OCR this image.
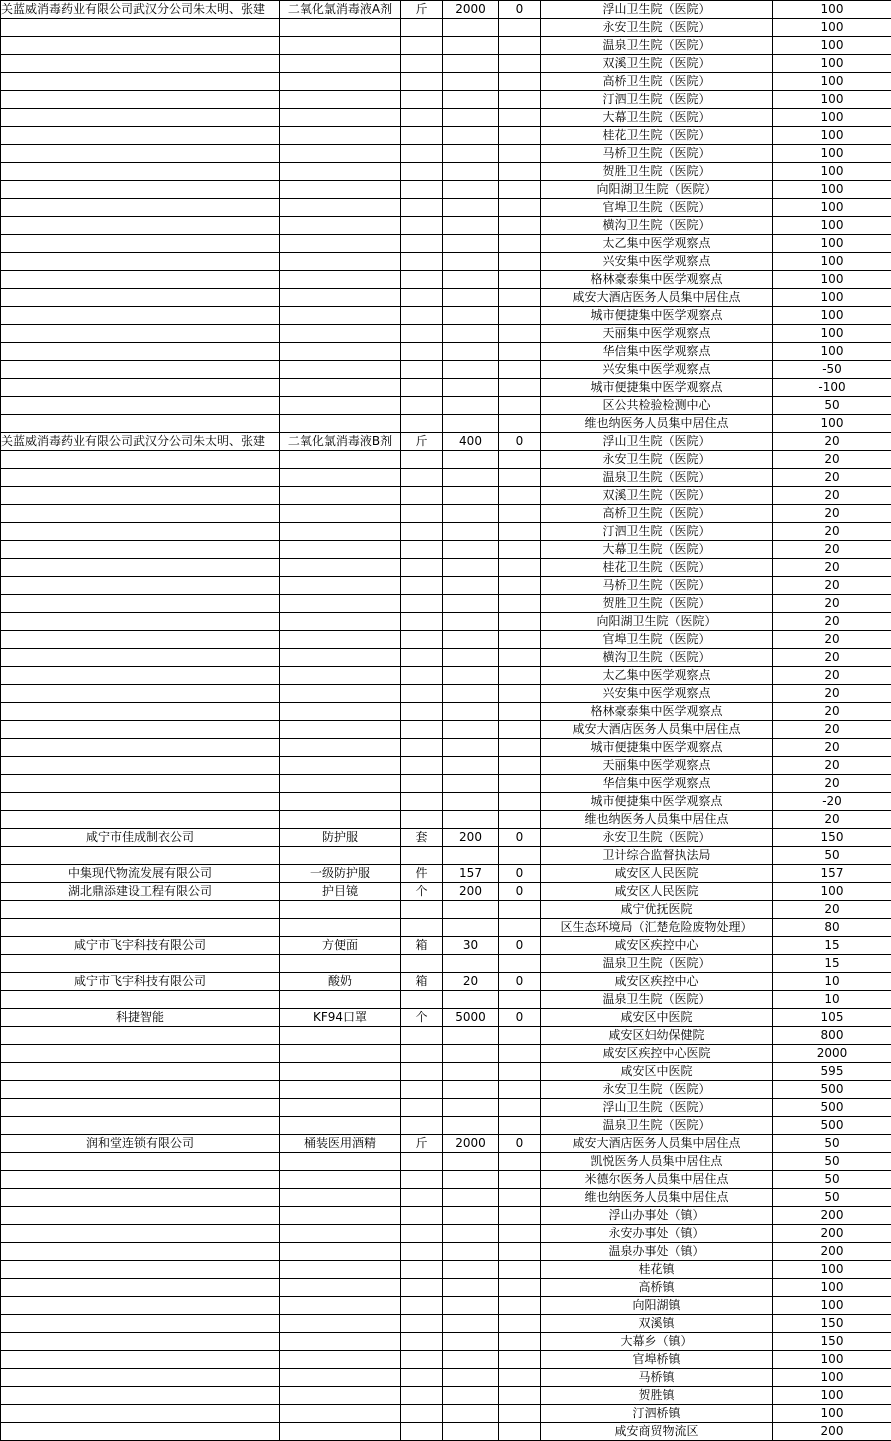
关蓝威消毒药业有限公司武汉分公司朱太明、张建	二氧化氯消毒液A剂	斤	2000	0	浮山卫生院（医院）	100
					永安卫生院（医院）	100
					温泉卫生院（医院）	100
					双溪卫生院（医院）	100
					高桥卫生院（医院）	100
					汀泗卫生院（医院）	100
					大幕卫生院（医院）	100
					桂花卫生院（医院）	100
					马桥卫生院（医院）	100
					贺胜卫生院（医院）	100
					向阳湖卫生院（医院）	100
					官埠卫生院（医院）	100
					横沟卫生院（医院）	100
					太乙集中医学观察点	100
					兴安集中医学观察点	100
					格林豪泰集中医学观察点	100
					咸安大酒店医务人员集中居住点	100
					城市便捷集中医学观察点	100
					天丽集中医学观察点	100
					华信集中医学观察点	100
					兴安集中医学观察点	-50
					城市便捷集中医学观察点	-100
					区公共检验检测中心	50
					维也纳医务人员集中居住点	100
关蓝威消毒药业有限公司武汉分公司朱太明、张建	二氧化氯消毒液B剂	斤	400	0	浮山卫生院（医院）	20
					永安卫生院（医院）	20
					温泉卫生院（医院）	20
					双溪卫生院（医院）	20
					高桥卫生院（医院）	20
					汀泗卫生院（医院）	20
					大幕卫生院（医院）	20
					桂花卫生院（医院）	20
					马桥卫生院（医院）	20
					贺胜卫生院（医院）	20
					向阳湖卫生院（医院）	20
					官埠卫生院（医院）	20
					横沟卫生院（医院）	20
					太乙集中医学观察点	20
					兴安集中医学观察点	20
					格林豪泰集中医学观察点	20
					咸安大酒店医务人员集中居住点	20
					城市便捷集中医学观察点	20
					天丽集中医学观察点	20
					华信集中医学观察点	20
					城市便捷集中医学观察点	-20
					维也纳医务人员集中居住点	20
咸宁市佳成制衣公司	防护服	套	200	0	永安卫生院（医院）	150
					卫计综合监督执法局	50
中集现代物流发展有限公司	一级防护服	件	157	0	咸安区人民医院	157
湖北鼎添建设工程有限公司	护目镜	个	200	0	咸安区人民医院	100
					咸宁优抚医院	20
					区生态环境局（汇楚危险废物处理）	80
咸宁市飞宇科技有限公司	方便面	箱	30	0	咸安区疾控中心	15
					温泉卫生院（医院）	15
咸宁市飞宇科技有限公司	酸奶	箱	20	0	咸安区疾控中心	10
					温泉卫生院（医院）	10
科捷智能	KF94口罩	个	5000	0	咸安区中医院	105
					咸安区妇幼保健院	800
					咸安区疾控中心医院	2000
					咸安区中医院	595
					永安卫生院（医院）	500
					浮山卫生院（医院）	500
					温泉卫生院（医院）	500
润和堂连锁有限公司	桶装医用酒精	斤	2000	0	咸安大酒店医务人员集中居住点	50
					凯悦医务人员集中居住点	50
					米德尔医务人员集中居住点	50
					维也纳医务人员集中居住点	50
					浮山办事处（镇）	200
					永安办事处（镇）	200
					温泉办事处（镇）	200
					桂花镇	100
					高桥镇	100
					向阳湖镇	100
					双溪镇	150
					大幕乡（镇）	150
					官埠桥镇	100
					马桥镇	100
					贺胜镇	100
					汀泗桥镇	100
					咸安商贸物流区	200
